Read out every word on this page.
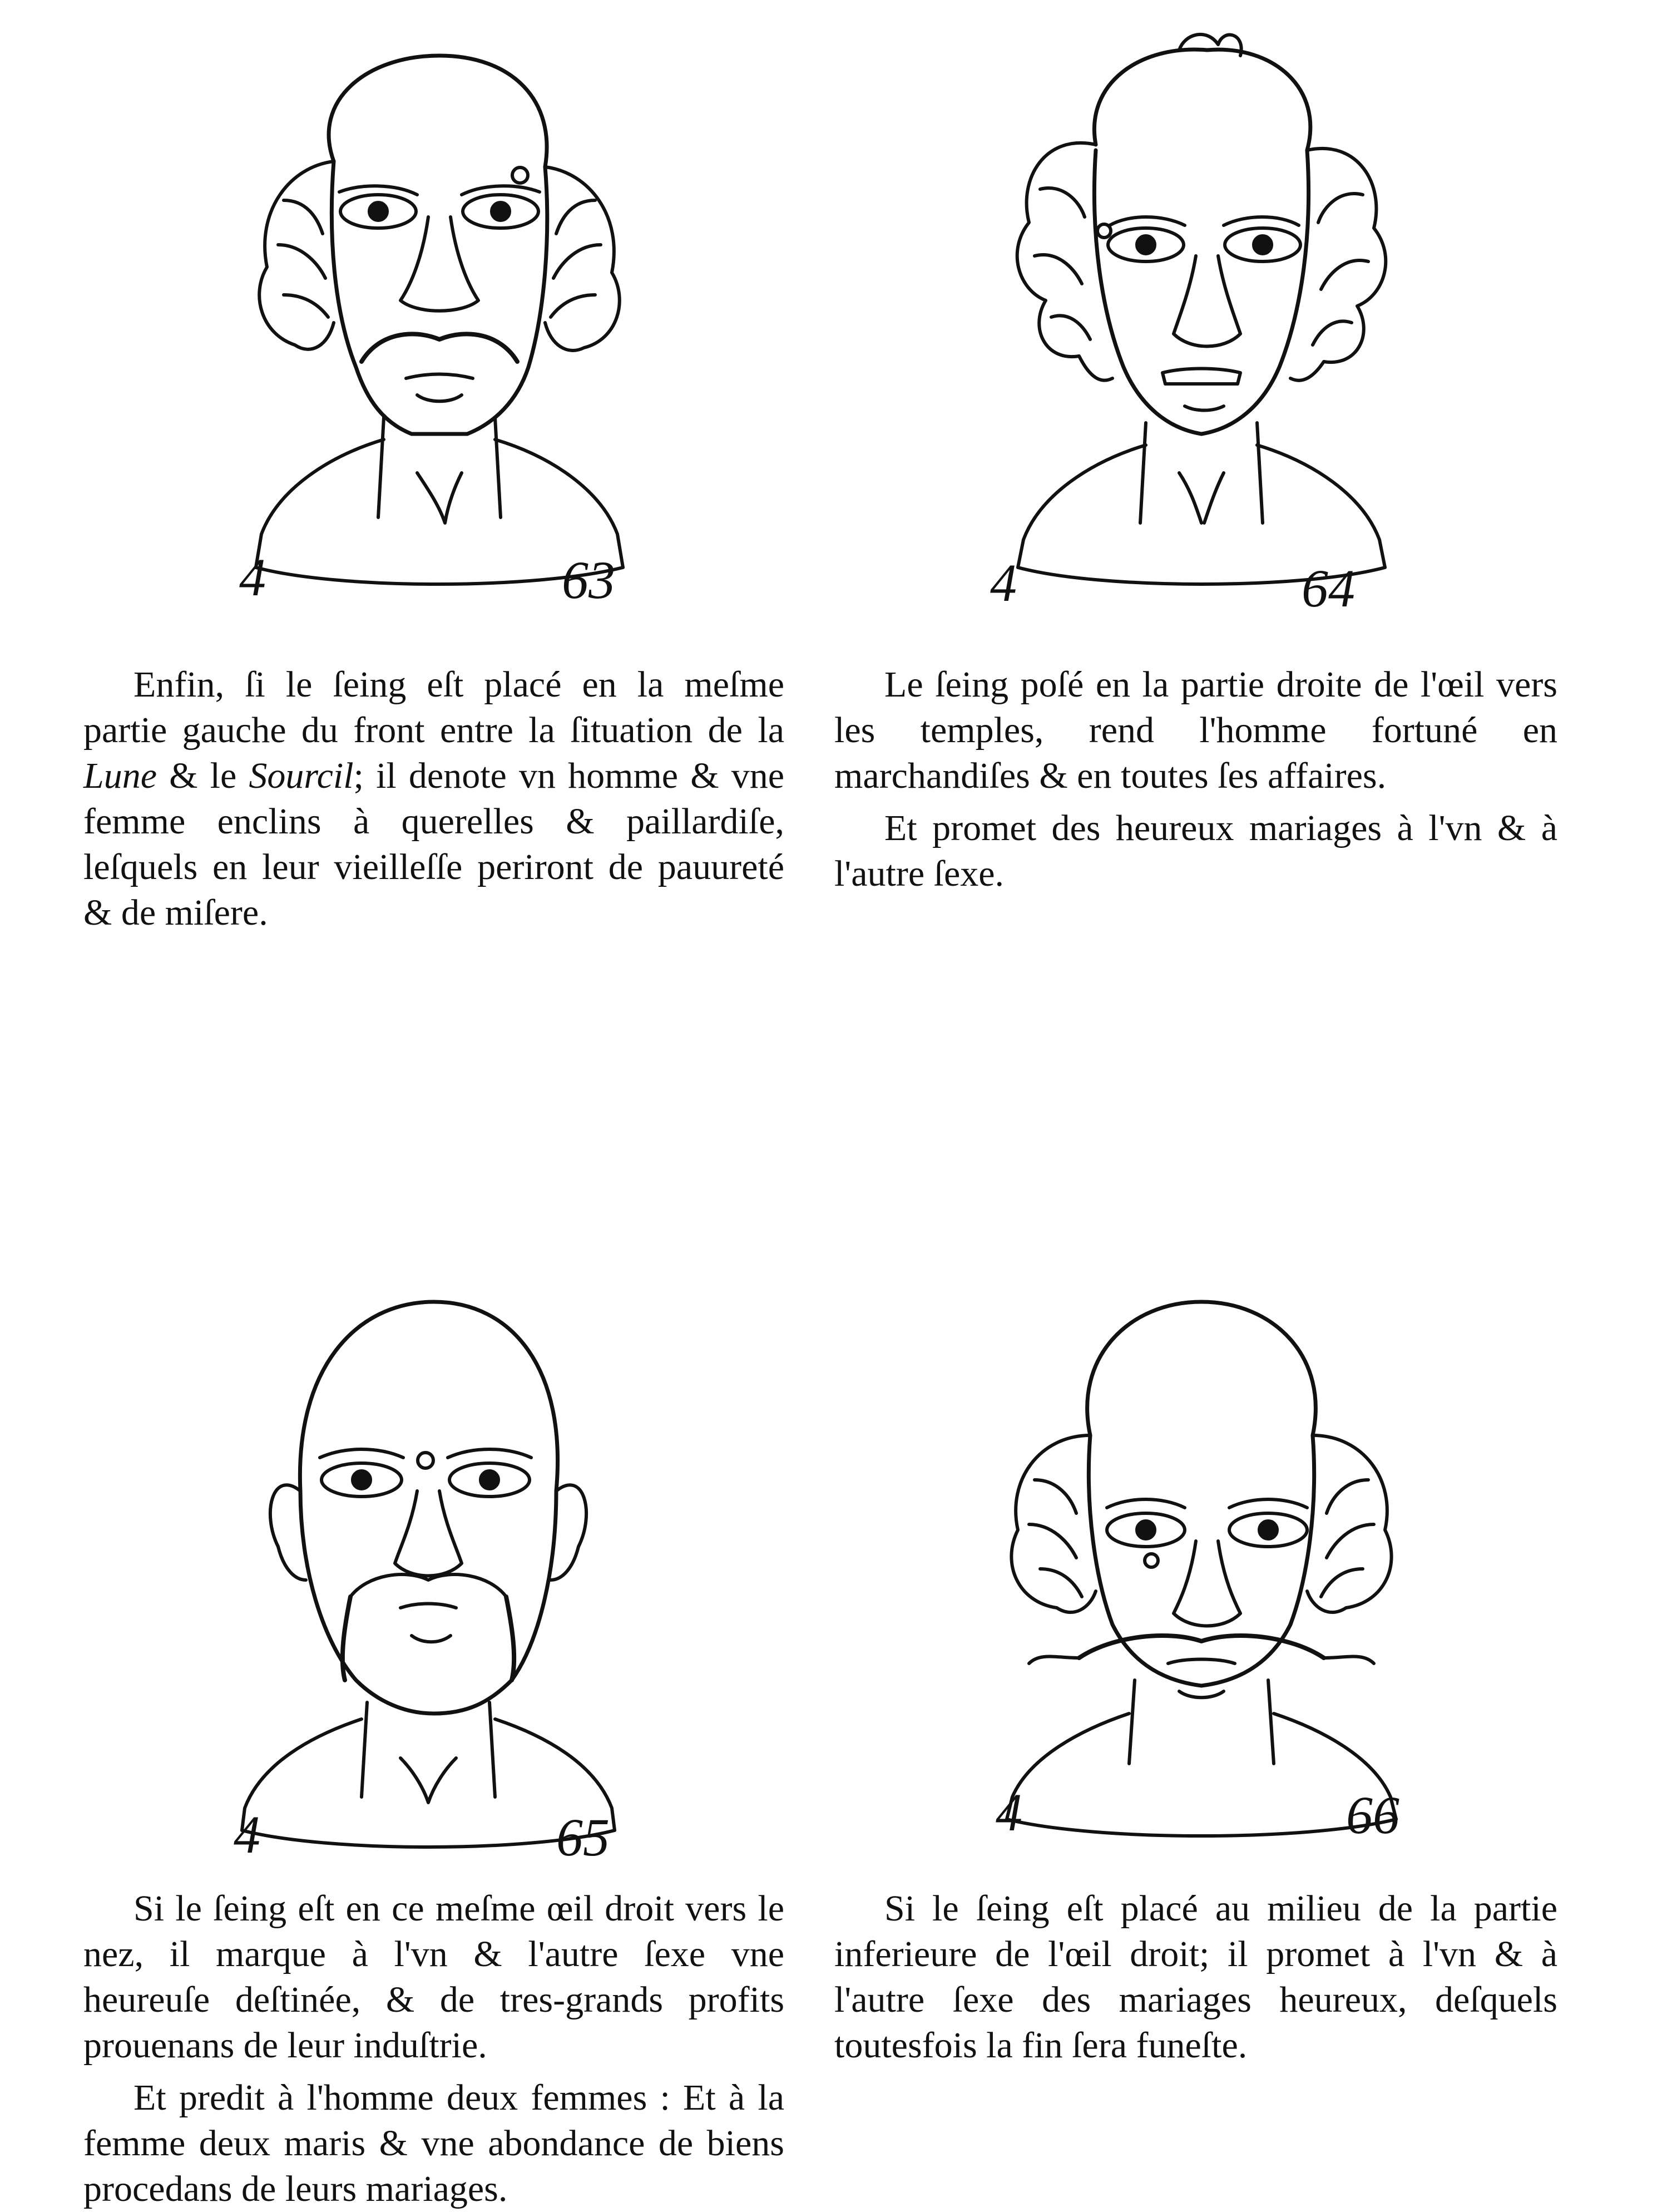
4	63

Enfin, ſi le ſeing eſt placé en la meſme partie gauche du front entre la ſituation de la Lune & le Sourcil; il denote vn homme & vne femme enclins à querelles & paillardiſe, leſquels en leur vieilleſſe periront de pauureté & de miſere.

4	64

Le ſeing poſé en la partie droite de l'œil vers les temples, rend l'homme fortuné en marchandiſes & en toutes ſes affaires.

Et promet des heureux mariages à l'vn & à l'autre ſexe.

4	65

Si le ſeing eſt en ce meſme œil droit vers le nez, il marque à l'vn & l'autre ſexe vne heureuſe deſtinée, & de tres-grands profits prouenans de leur induſtrie.

Et predit à l'homme deux femmes : Et à la femme deux maris & vne abondance de biens procedans de leurs mariages.

4	66

Si le ſeing eſt placé au milieu de la partie inferieure de l'œil droit; il promet à l'vn & à l'autre ſexe des mariages heureux, deſquels toutesfois la fin ſera funeſte.
